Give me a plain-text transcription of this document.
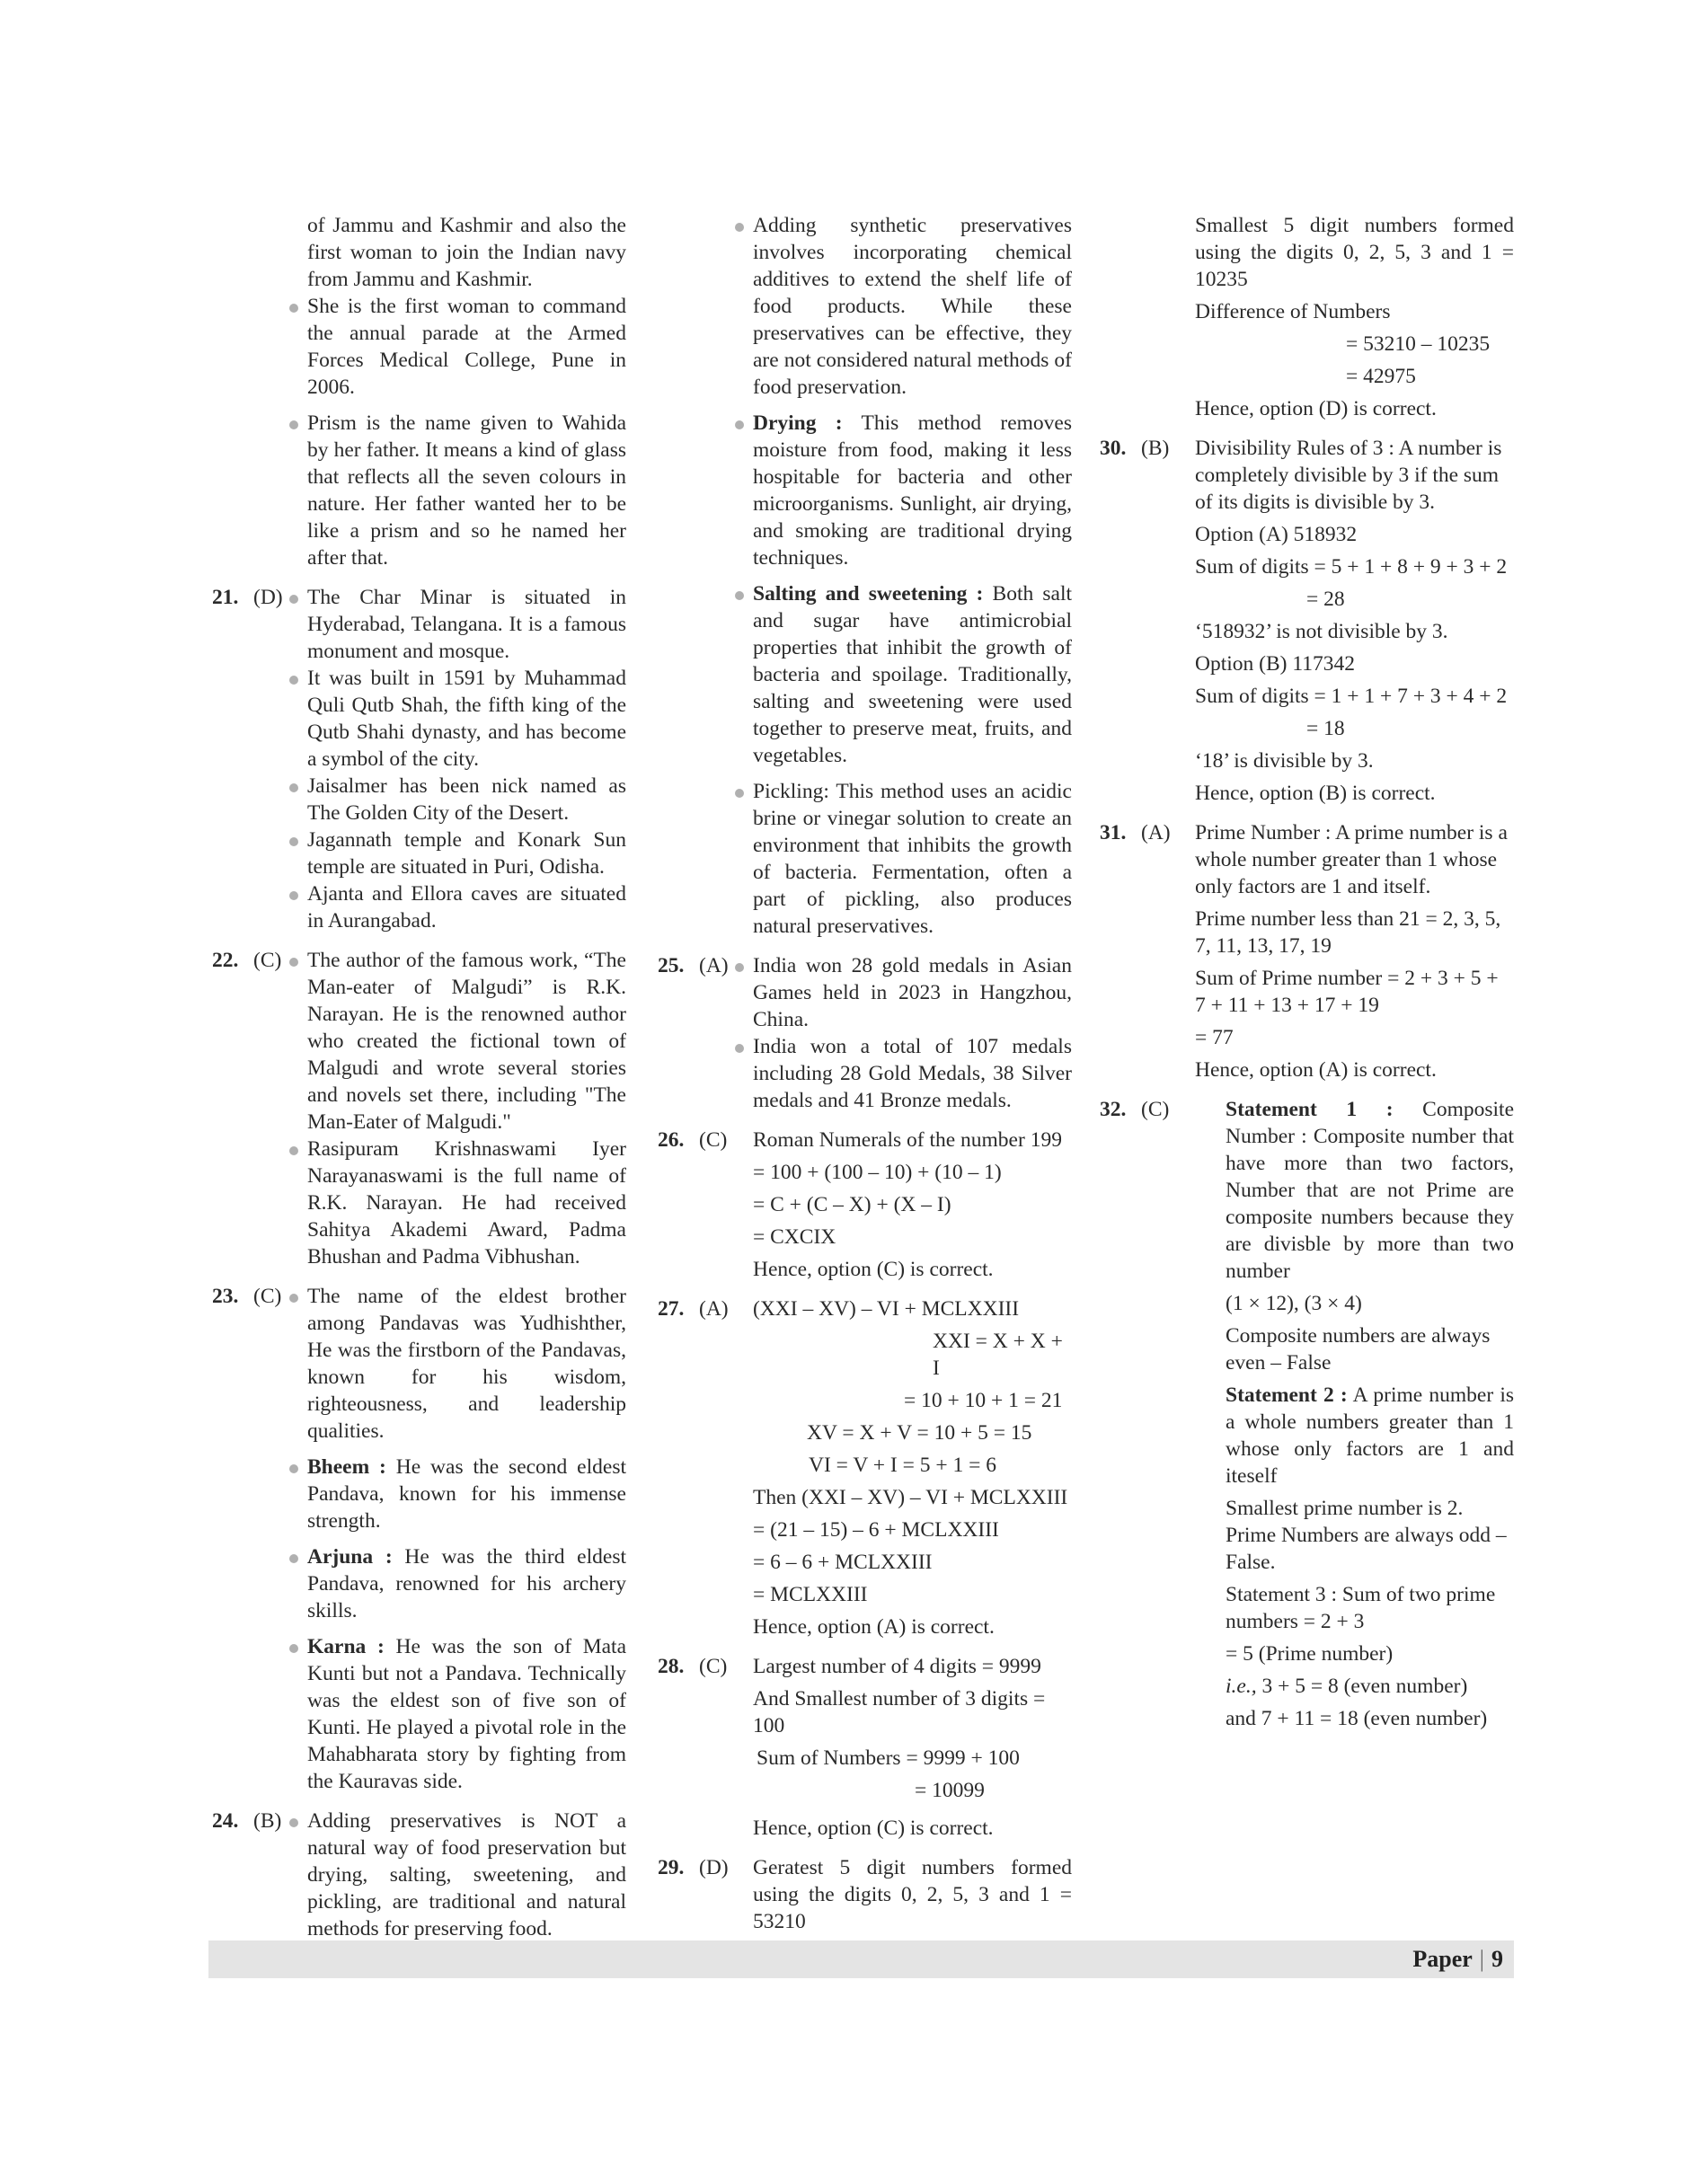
of Jammu and Kashmir and also the first woman to join the Indian navy from Jammu and Kashmir.

She is the first woman to command the annual parade at the Armed Forces Medical College, Pune in 2006.
Prism is the name given to Wahida by her father. It means a kind of glass that reflects all the seven colours in nature. Her father wanted her to be like a prism and so he named her after that.
21. (D)	The Char Minar is situated in Hyderabad, Telangana. It is a famous monument and mosque.
It was built in 1591 by Muhammad Quli Qutb Shah, the fifth king of the Qutb Shahi dynasty, and has become a symbol of the city.
Jaisalmer has been nick named as The Golden City of the Desert.
Jagannath temple and Konark Sun temple are situated in Puri, Odisha.
Ajanta and Ellora caves are situated in Aurangabad.
22. (C)	The author of the famous work, “The Man-eater of Malgudi” is R.K. Narayan. He is the renowned author who created the fictional town of Malgudi and wrote several stories and novels set there, including "The Man-Eater of Malgudi."
Rasipuram Krishnaswami Iyer Narayanaswami is the full name of R.K. Narayan. He had received Sahitya Akademi Award, Padma Bhushan and Padma Vibhushan.
23. (C)	The name of the eldest brother among Pandavas was Yudhishther, He was the firstborn of the Pandavas, known for his wisdom, righteousness, and leadership qualities.
Bheem : He was the second eldest Pandava, known for his immense strength.
Arjuna : He was the third eldest Pandava, renowned for his archery skills.
Karna : He was the son of Mata Kunti but not a Pandava. Technically was the eldest son of five son of Kunti. He played a pivotal role in the Mahabharata story by fighting from the Kauravas side.
24. (B)	Adding preservatives is NOT a natural way of food preservation but drying, salting, sweetening, and pickling, are traditional and natural methods for preserving food.
Adding synthetic preservatives involves incorporating chemical additives to extend the shelf life of food products. While these preservatives can be effective, they are not considered natural methods of food preservation.
Drying : This method removes moisture from food, making it less hospitable for bacteria and other microorganisms. Sunlight, air drying, and smoking are traditional drying techniques.
Salting and sweetening : Both salt and sugar have antimicrobial properties that inhibit the growth of bacteria and spoilage. Traditionally, salting and sweetening were used together to preserve meat, fruits, and vegetables.
Pickling: This method uses an acidic brine or vinegar solution to create an environment that inhibits the growth of bacteria. Fermentation, often a part of pickling, also produces natural preservatives.
25. (A)	India won 28 gold medals in Asian Games held in 2023 in Hangzhou, China.
India won a total of 107 medals including 28 Gold Medals, 38 Silver medals and 41 Bronze medals.
26. (C)	Roman Numerals of the number 199
= 100 + (100 – 10) + (10 – 1)
= C + (C – X) + (X – I)
= CXCIX
Hence, option (C) is correct.
27. (A)	(XXI – XV) – VI + MCLXXIII
XXI = X + X + I
= 10 + 10 + 1 = 21
XV = X + V = 10 + 5 = 15
VI = V + I = 5 + 1 = 6
Then (XXI – XV) – VI + MCLXXIII
= (21 – 15) – 6 + MCLXXIII
= 6 – 6 + MCLXXIII
= MCLXXIII
Hence, option (A) is correct.
28. (C)	Largest number of 4 digits = 9999
And Smallest number of 3 digits = 100
Sum of Numbers = 9999 + 100
= 10099
Hence, option (C) is correct.
29. (D)	Geratest 5 digit numbers formed using the digits 0, 2, 5, 3 and 1 = 53210
Smallest 5 digit numbers formed using the digits 0, 2, 5, 3 and 1 = 10235
Difference of Numbers
= 53210 – 10235
= 42975
Hence, option (D) is correct.
30. (B)	Divisibility Rules of 3 : A number is completely divisible by 3 if the sum of its digits is divisible by 3.
Option (A) 518932
Sum of digits = 5 + 1 + 8 + 9 + 3 + 2
= 28
‘518932’ is not divisible by 3.
Option (B) 117342
Sum of digits = 1 + 1 + 7 + 3 + 4 + 2
= 18
‘18’ is divisible by 3.
Hence, option (B) is correct.
31. (A)	Prime Number : A prime number is a whole number greater than 1 whose only factors are 1 and itself.
Prime number less than 21 = 2, 3, 5, 7, 11, 13, 17, 19
Sum of Prime number = 2 + 3 + 5 + 7 + 11 + 13 + 17 + 19
= 77
Hence, option (A) is correct.
32. (C)	Statement 1 : Composite Number : Composite number that have more than two factors, Number that are not Prime are composite numbers because they are divisble by more than two number
(1 × 12), (3 × 4)
Composite numbers are always even – False
Statement 2 : A prime number is a whole numbers greater than 1 whose only factors are 1 and iteself
Smallest prime number is 2. Prime Numbers are always odd – False.
Statement 3 : Sum of two prime numbers = 2 + 3
= 5 (Prime number)
i.e., 3 + 5 = 8 (even number)
and 7 + 11 = 18 (even number)
Paper | 9
